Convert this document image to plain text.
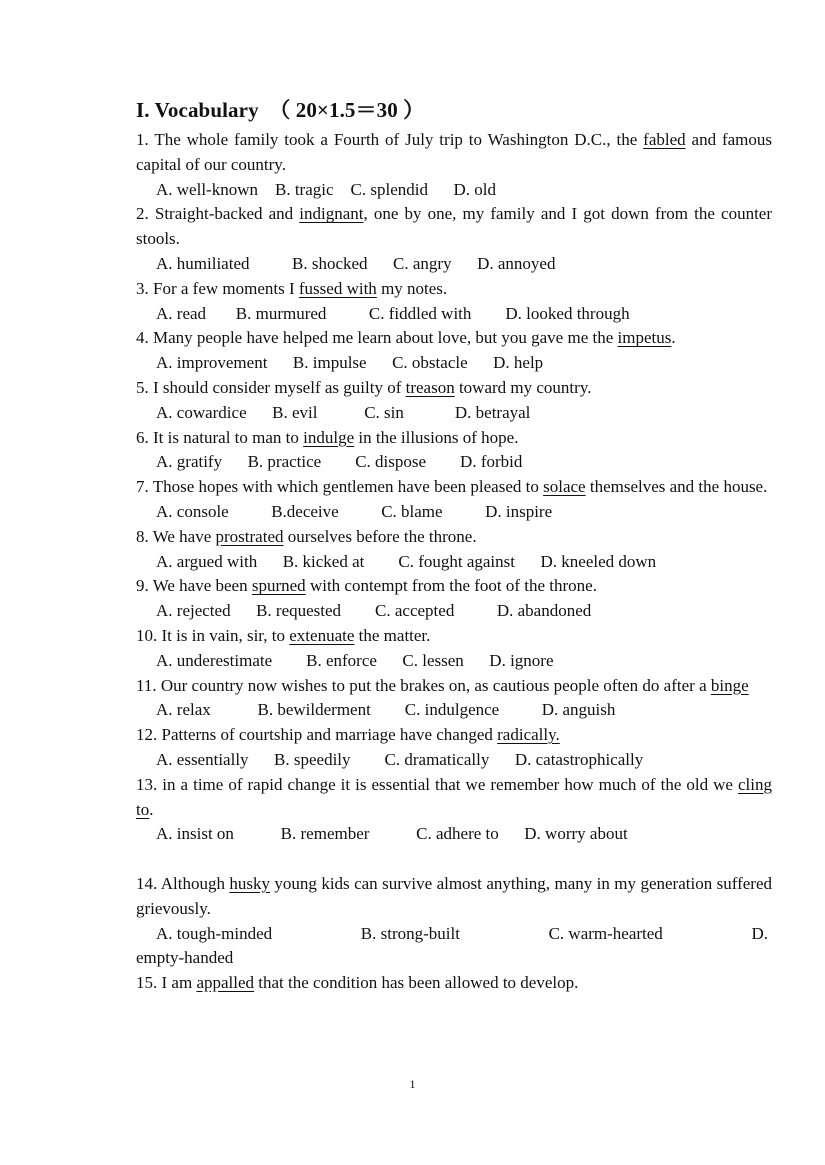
I. Vocabulary　（ 20×1.5＝30 ）
1. The whole family took a Fourth of July trip to Washington D.C., the fabled and famous capital of our country.
A. well-known    B. tragic    C. splendid      D. old
2. Straight-backed and indignant, one by one, my family and I got down from the counter stools.
A. humiliated          B. shocked      C. angry      D. annoyed
3. For a few moments I fussed with my notes.
A. read       B. murmured          C. fiddled with        D. looked through
4. Many people have helped me learn about love, but you gave me the impetus.
A. improvement      B. impulse      C. obstacle      D. help
5. I should consider myself as guilty of treason toward my country.
A. cowardice      B. evil           C. sin            D. betrayal
6. It is natural to man to indulge in the illusions of hope.
A. gratify      B. practice        C. dispose        D. forbid
7. Those hopes with which gentlemen have been pleased to solace themselves and the house.
A. console          B.deceive          C. blame          D. inspire
8. We have prostrated ourselves before the throne.
A. argued with      B. kicked at        C. fought against      D. kneeled down
9. We have been spurned with contempt from the foot of the throne.
A. rejected      B. requested        C. accepted          D. abandoned
10. It is in vain, sir, to extenuate the matter.
A. underestimate        B. enforce      C. lessen      D. ignore
11. Our country now wishes to put the brakes on, as cautious people often do after a binge
A. relax           B. bewilderment        C. indulgence          D. anguish
12. Patterns of courtship and marriage have changed radically.
A. essentially      B. speedily        C. dramatically      D. catastrophically
13. in a time of rapid change it is essential that we remember how much of the old we cling to.
A. insist on           B. remember           C. adhere to      D. worry about
14. Although husky young kids can survive almost anything, many in my generation suffered grievously.
A. tough-minded	B. strong-built	C. warm-hearted	D.
empty-handed
15. I am appalled that the condition has been allowed to develop.
1
